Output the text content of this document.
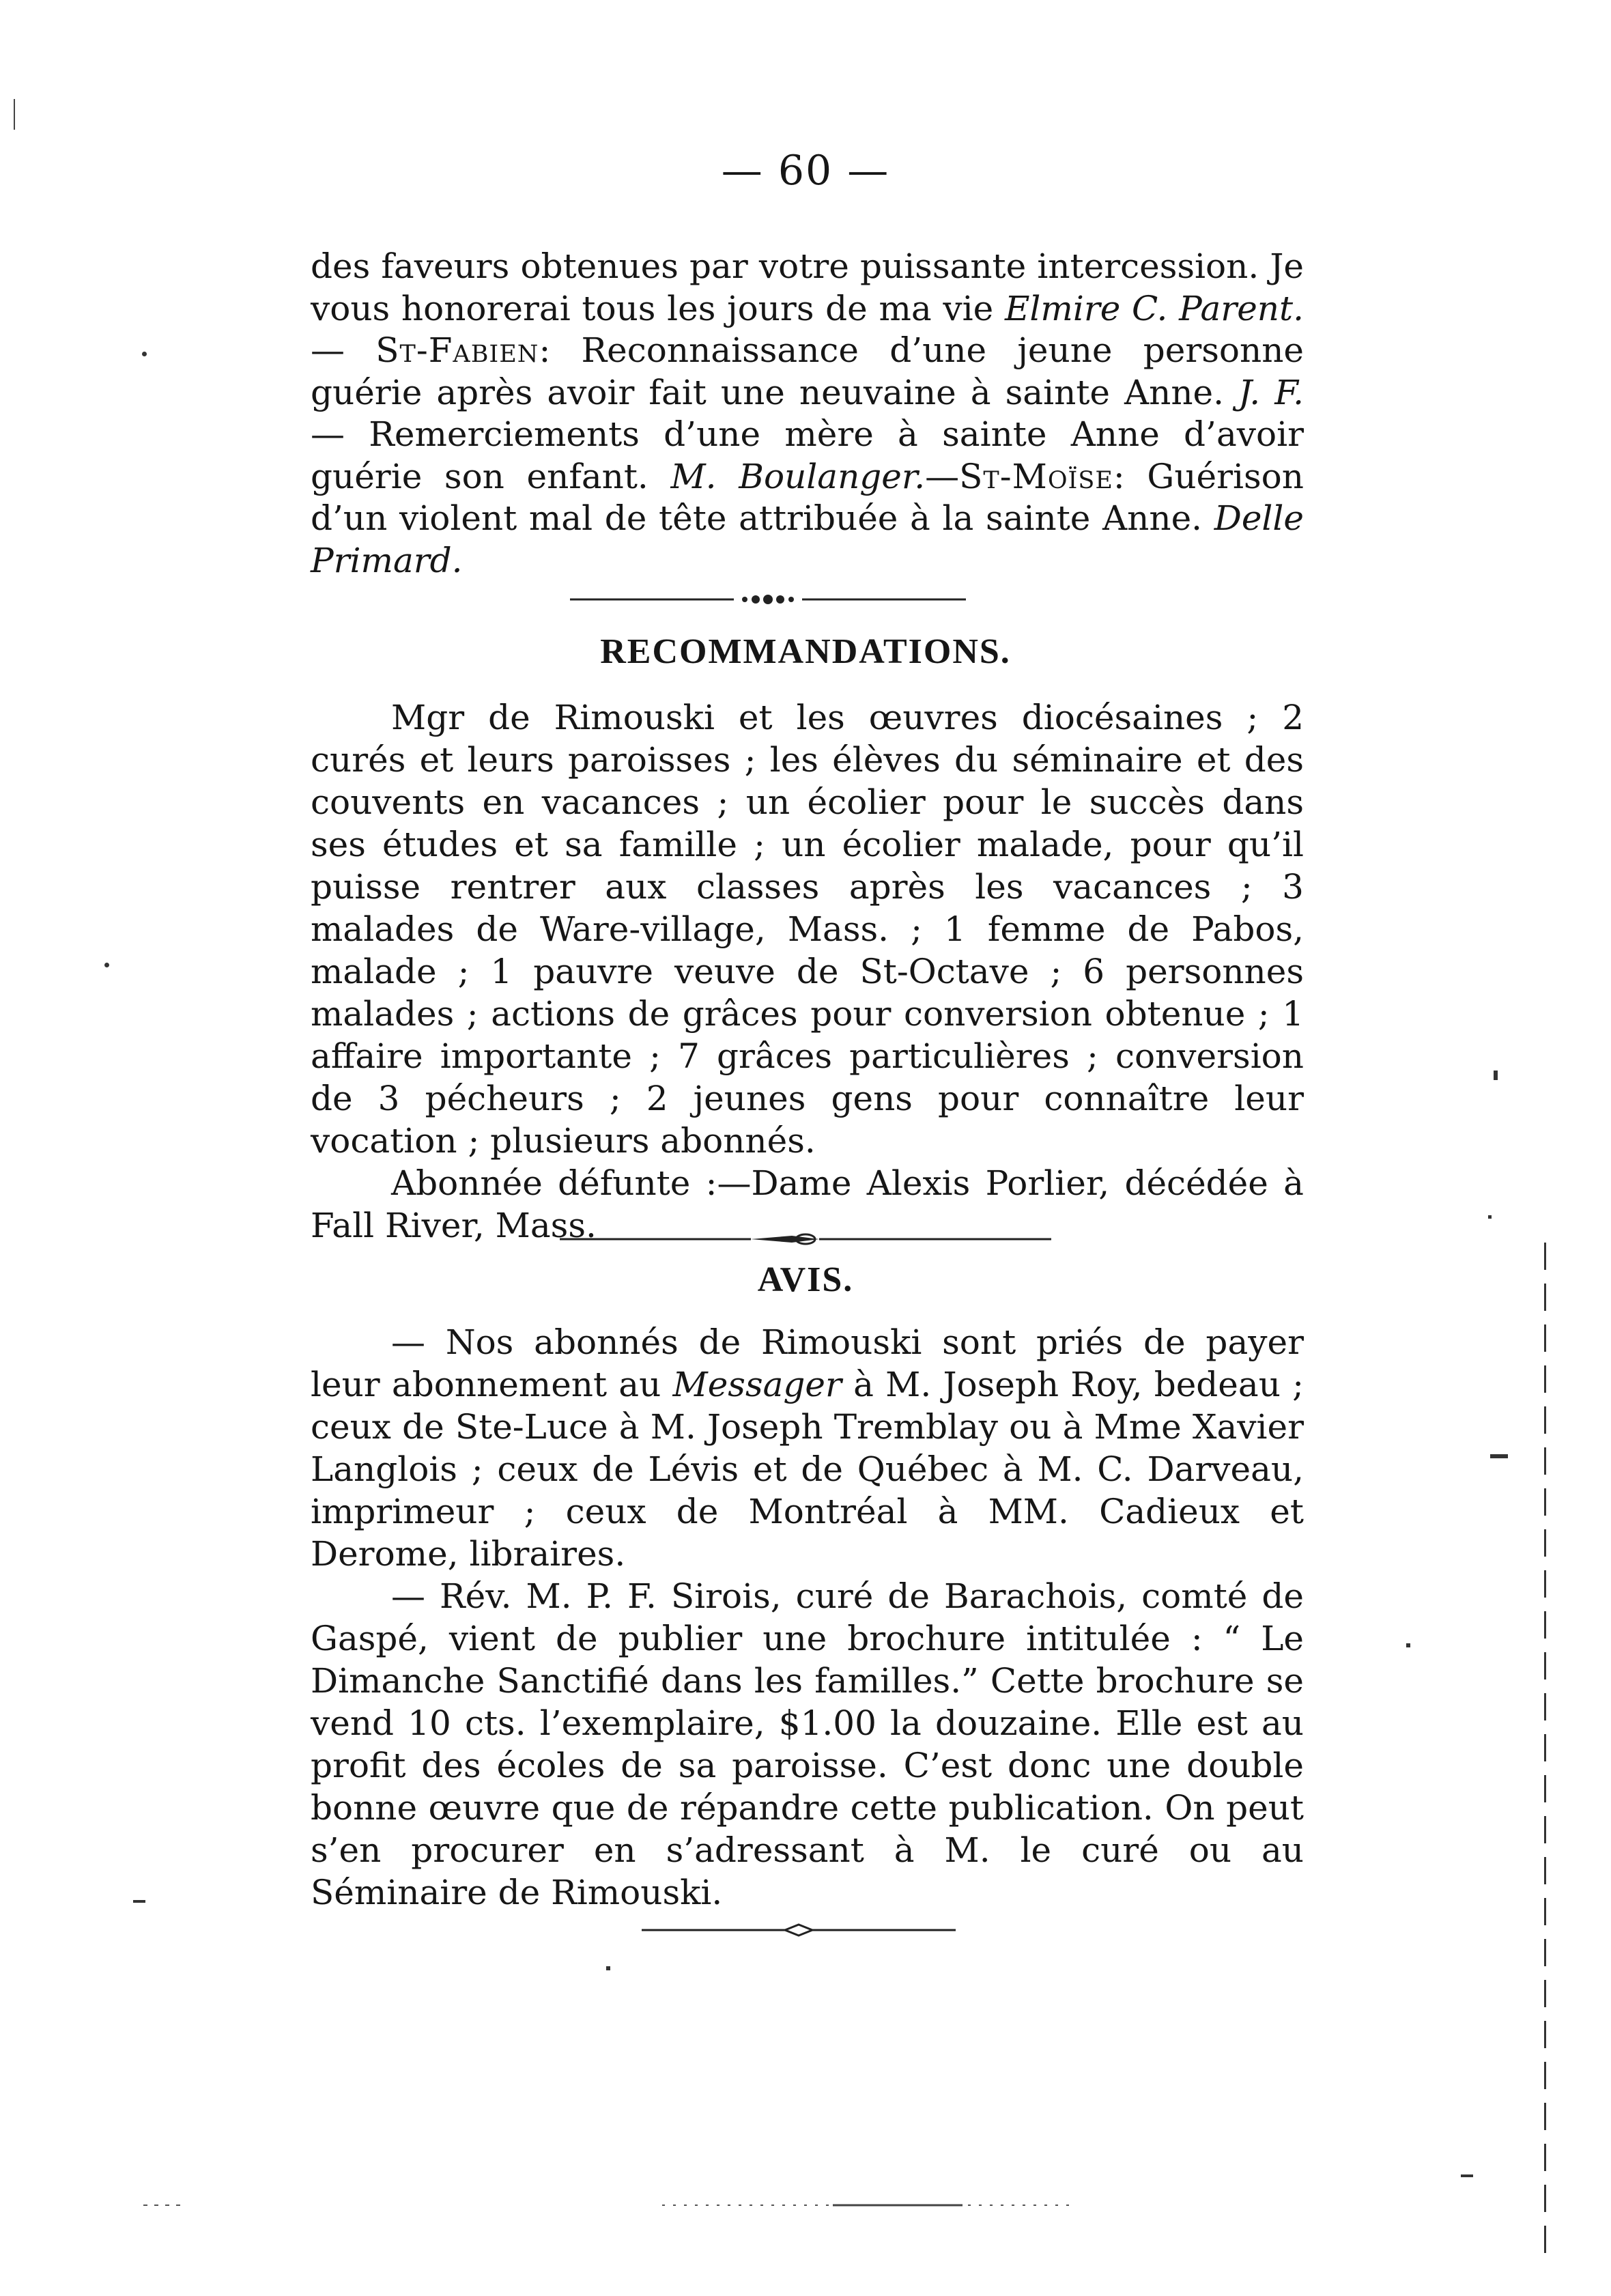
— 60 —

des faveurs obtenues par votre puissante intercession. Je vous honorerai tous les jours de ma vie Elmire C. Parent. — St-Fabien: Reconnaissance d’une jeune personne guérie après avoir fait une neuvaine à sainte Anne. J. F. — Remerciements d’une mère à sainte Anne d’avoir guérie son enfant. M. Boulanger.—St-Moïse: Guérison d’un violent mal de tête attribuée à la sainte Anne. Delle Primard.

RECOMMANDATIONS.

Mgr de Rimouski et les œuvres diocésaines ; 2 curés et leurs paroisses ; les élèves du séminaire et des couvents en vacances ; un écolier pour le succès dans ses études et sa famille ; un écolier malade, pour qu’il puisse rentrer aux classes après les vacances ; 3 malades de Ware-village, Mass. ; 1 femme de Pabos, malade ; 1 pauvre veuve de St-Octave ; 6 personnes malades ; actions de grâces pour conversion obtenue ; 1 affaire importante ; 7 grâces particulières ; conversion de 3 pécheurs ; 2 jeunes gens pour connaître leur vocation ; plusieurs abonnés.

Abonnée défunte :—Dame Alexis Porlier, décédée à Fall River, Mass.

AVIS.

— Nos abonnés de Rimouski sont priés de payer leur abonnement au Messager à M. Joseph Roy, bedeau ; ceux de Ste-Luce à M. Joseph Tremblay ou à Mme Xavier Langlois ; ceux de Lévis et de Québec à M. C. Darveau, imprimeur ; ceux de Montréal à MM. Cadieux et Derome, libraires.

— Rév. M. P. F. Sirois, curé de Barachois, comté de Gaspé, vient de publier une brochure intitulée : “ Le Dimanche Sanctifié dans les familles.” Cette brochure se vend 10 cts. l’exemplaire, $1.00 la douzaine. Elle est au profit des écoles de sa paroisse. C’est donc une double bonne œuvre que de répandre cette publication. On peut s’en procurer en s’adressant à M. le curé ou au Séminaire de Rimouski.
